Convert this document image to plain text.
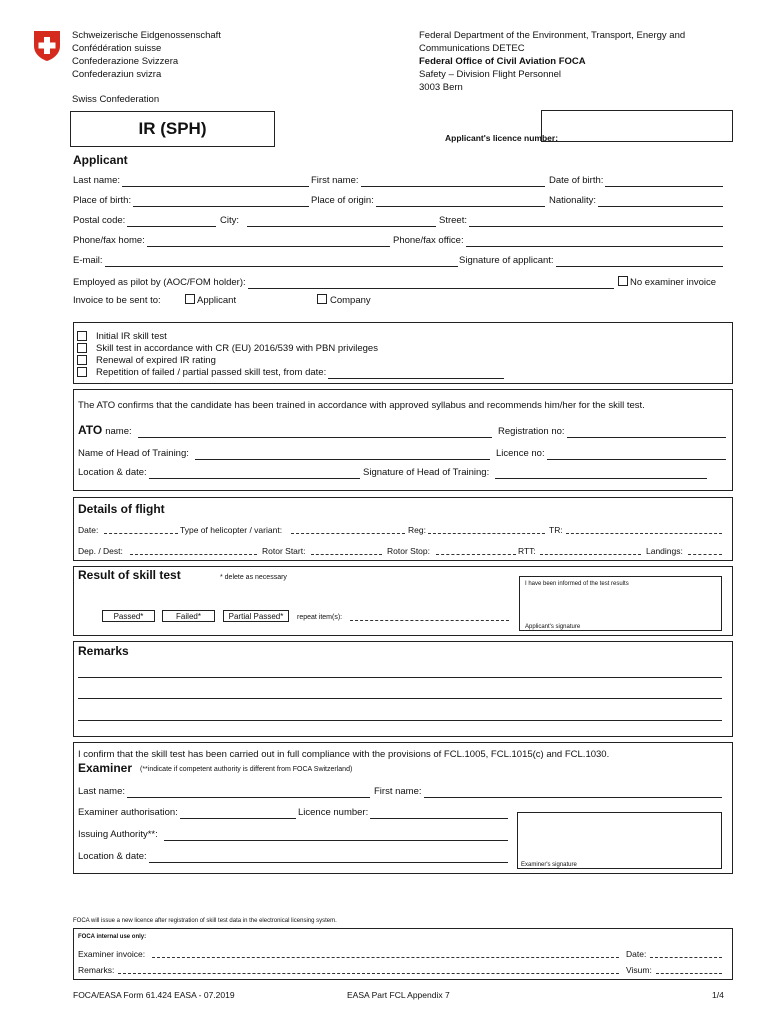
Schweizerische Eidgenossenschaft
Confédération suisse
Confederazione Svizzera
Confederaziun svizra
Swiss Confederation
Federal Department of the Environment, Transport, Energy and
Communications DETEC
Federal Office of Civil Aviation FOCA
Safety – Division Flight Personnel
3003 Bern
IR (SPH)	Applicant's licence number:
Applicant
Last name:	First name:	Date of birth:
Place of birth:	Place of origin:	Nationality:
Postal code:	City:	Street:
Phone/fax home:	Phone/fax office:
E-mail:	Signature of applicant:
Employed as pilot by (AOC/FOM holder):	No examiner invoice
Invoice to be sent to:	Applicant	Company
Initial IR skill test
Skill test in accordance with CR (EU) 2016/539 with PBN privileges
Renewal of expired IR rating
Repetition of failed / partial passed skill test, from date:
The ATO confirms that the candidate has been trained in accordance with approved syllabus and recommends him/her for the skill test.
ATO name:	Registration no:
Name of Head of Training:	Licence no:
Location & date:	Signature of Head of Training:
Details of flight
Date:	Type of helicopter / variant:	Reg:	TR:
Dep. / Dest:	Rotor Start:	Rotor Stop:	RTT:	Landings:
Result of skill test	* delete as necessary
I have been informed of the test results
Applicant's signature
Passed*	Failed*	Partial Passed*	repeat item(s):
Remarks
I confirm that the skill test has been carried out in full compliance with the provisions of FCL.1005, FCL.1015(c) and FCL.1030.
Examiner (**indicate if competent authority is different from FOCA Switzerland)
Last name:	First name:
Examiner authorisation:	Licence number:
Issuing Authority**:
Location & date:
Examiner's signature
FOCA will issue a new licence after registration of skill test data in the electronical licensing system.
FOCA internal use only:
Examiner invoice:	Date:
Remarks:	Visum:
FOCA/EASA Form 61.424 EASA - 07.2019	EASA Part FCL Appendix 7	1/4
